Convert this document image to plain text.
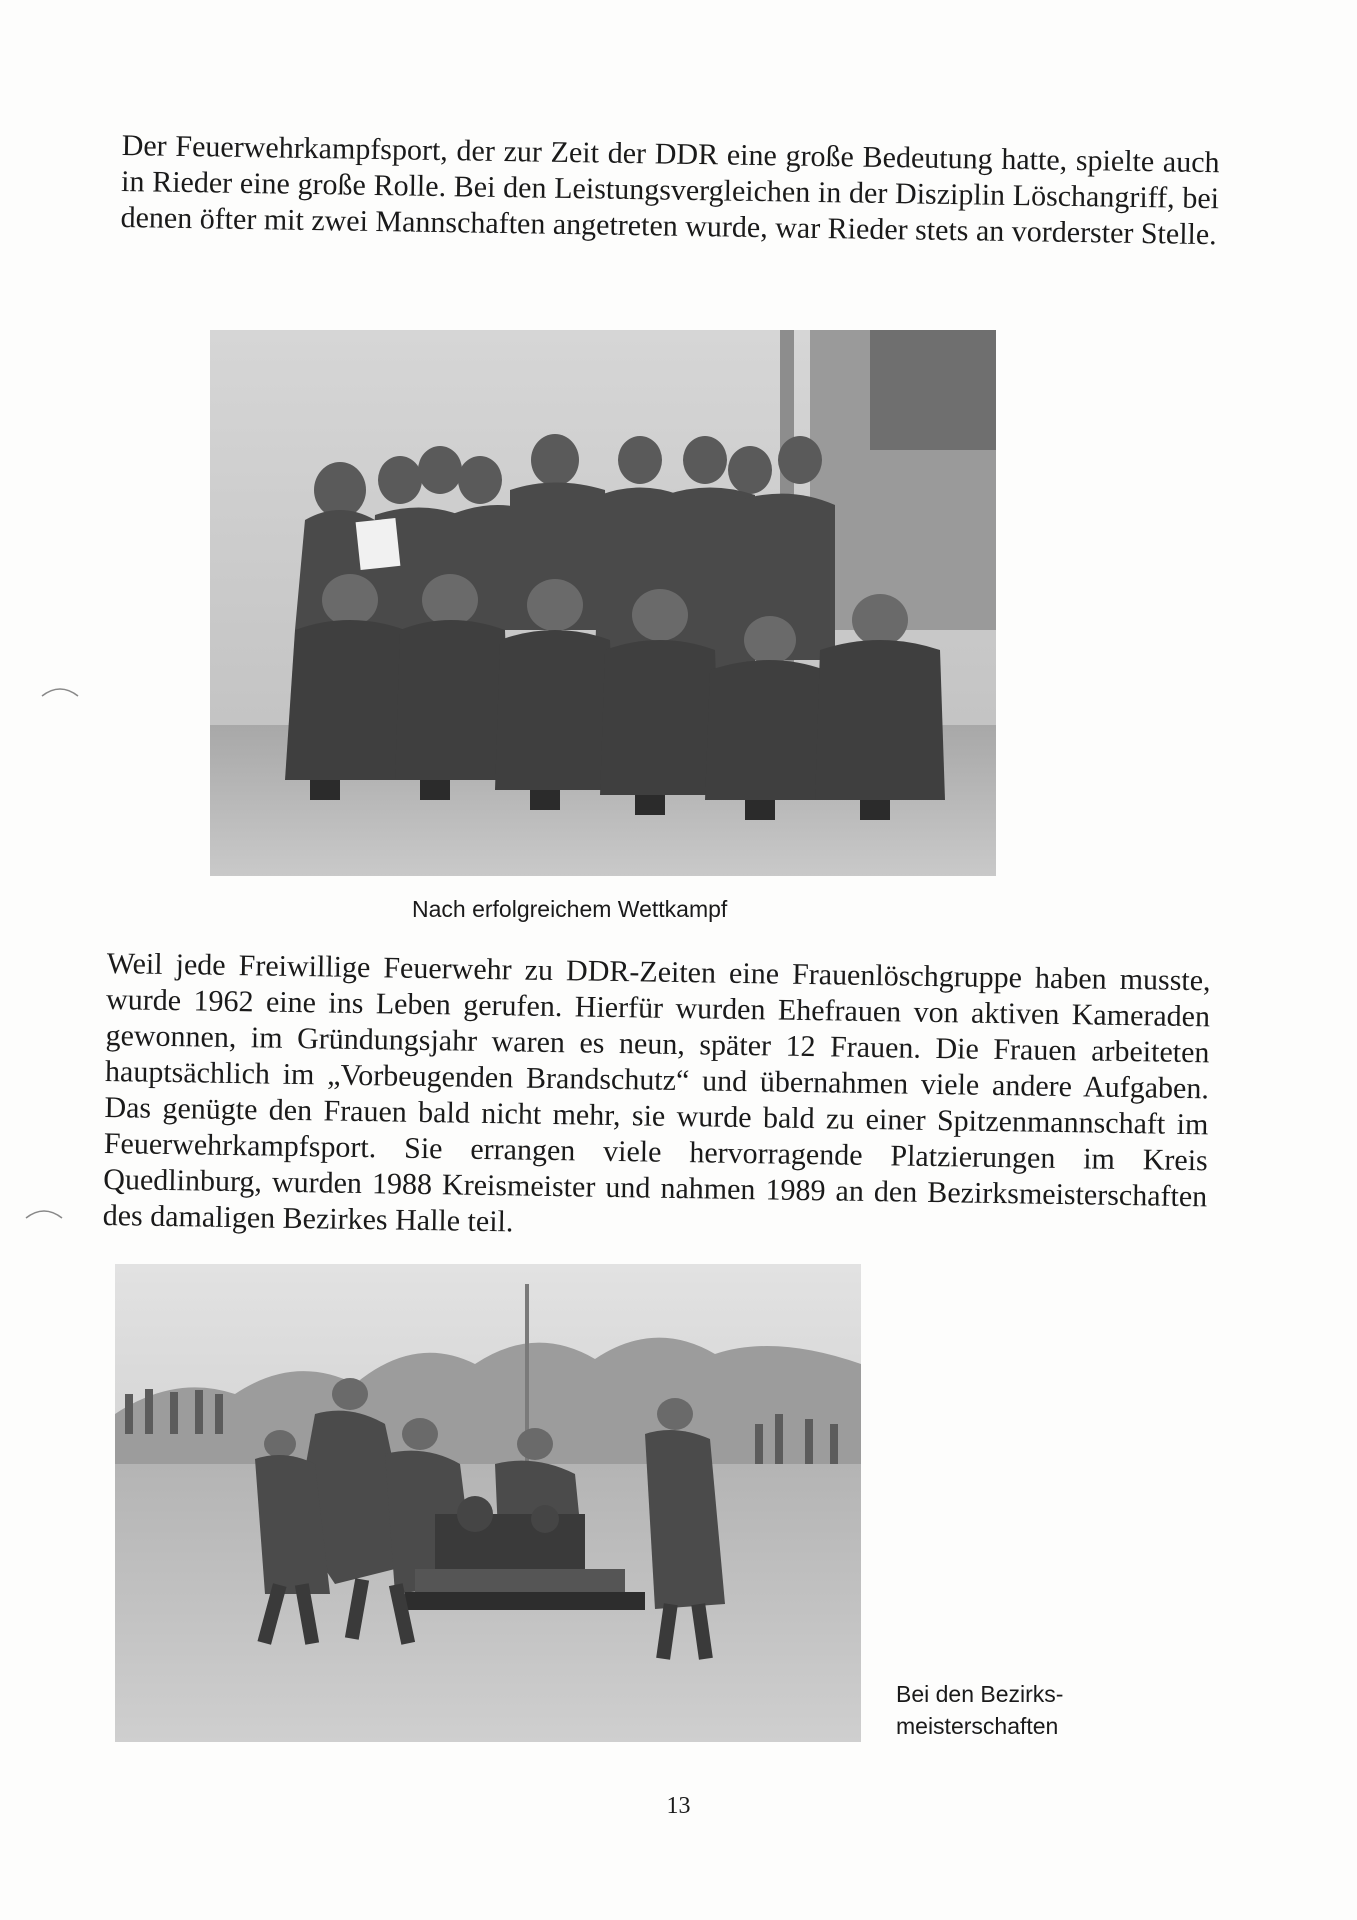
Der Feuerwehrkampfsport, der zur Zeit der DDR eine große Bedeutung hatte, spielte auch in Rieder eine große Rolle. Bei den Leistungsvergleichen in der Disziplin Löschangriff, bei denen öfter mit zwei Mannschaften angetreten wurde, war Rieder stets an vorderster Stelle.
Nach erfolgreichem Wettkampf
Weil jede Freiwillige Feuerwehr zu DDR-Zeiten eine Frauenlöschgruppe haben musste, wurde 1962 eine ins Leben gerufen. Hierfür wurden Ehefrauen von aktiven Kameraden gewonnen, im Gründungsjahr waren es neun, später 12 Frauen. Die Frauen arbeiteten hauptsächlich im „Vorbeugenden Brandschutz“ und übernahmen viele andere Aufgaben. Das genügte den Frauen bald nicht mehr, sie wurde bald zu einer Spitzenmannschaft im Feuerwehrkampfsport. Sie errangen viele hervorragende Platzierungen im Kreis Quedlinburg, wurden 1988 Kreismeister und nahmen 1989 an den Bezirksmeisterschaften des damaligen Bezirkes Halle teil.
Bei den Bezirks-
meisterschaften
13
